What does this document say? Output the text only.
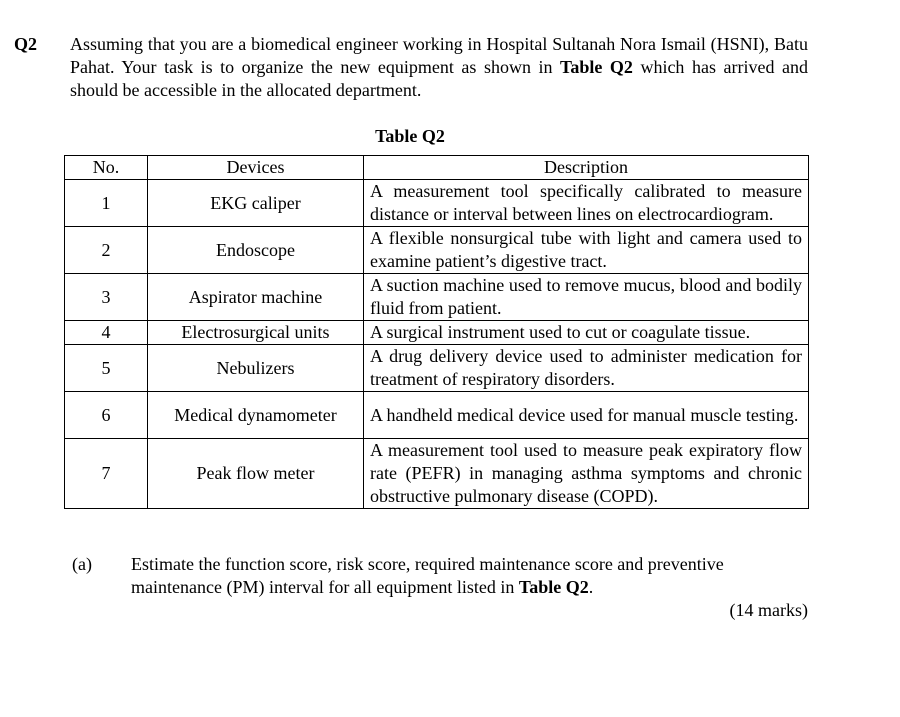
Q2 Assuming that you are a biomedical engineer working in Hospital Sultanah Nora Ismail (HSNI), Batu Pahat. Your task is to organize the new equipment as shown in Table Q2 which has arrived and should be accessible in the allocated department.
Table Q2
No.	Devices	Description
1	EKG caliper	A measurement tool specifically calibrated to measure distance or interval between lines on electrocardiogram.
2	Endoscope	A flexible nonsurgical tube with light and camera used to examine patient’s digestive tract.
3	Aspirator machine	A suction machine used to remove mucus, blood and bodily fluid from patient.
4	Electrosurgical units	A surgical instrument used to cut or coagulate tissue.
5	Nebulizers	A drug delivery device used to administer medication for treatment of respiratory disorders.
6	Medical dynamometer	A handheld medical device used for manual muscle testing.
7	Peak flow meter	A measurement tool used to measure peak expiratory flow rate (PEFR) in managing asthma symptoms and chronic obstructive pulmonary disease (COPD).
(a) Estimate the function score, risk score, required maintenance score and preventive maintenance (PM) interval for all equipment listed in Table Q2.
(14 marks)
